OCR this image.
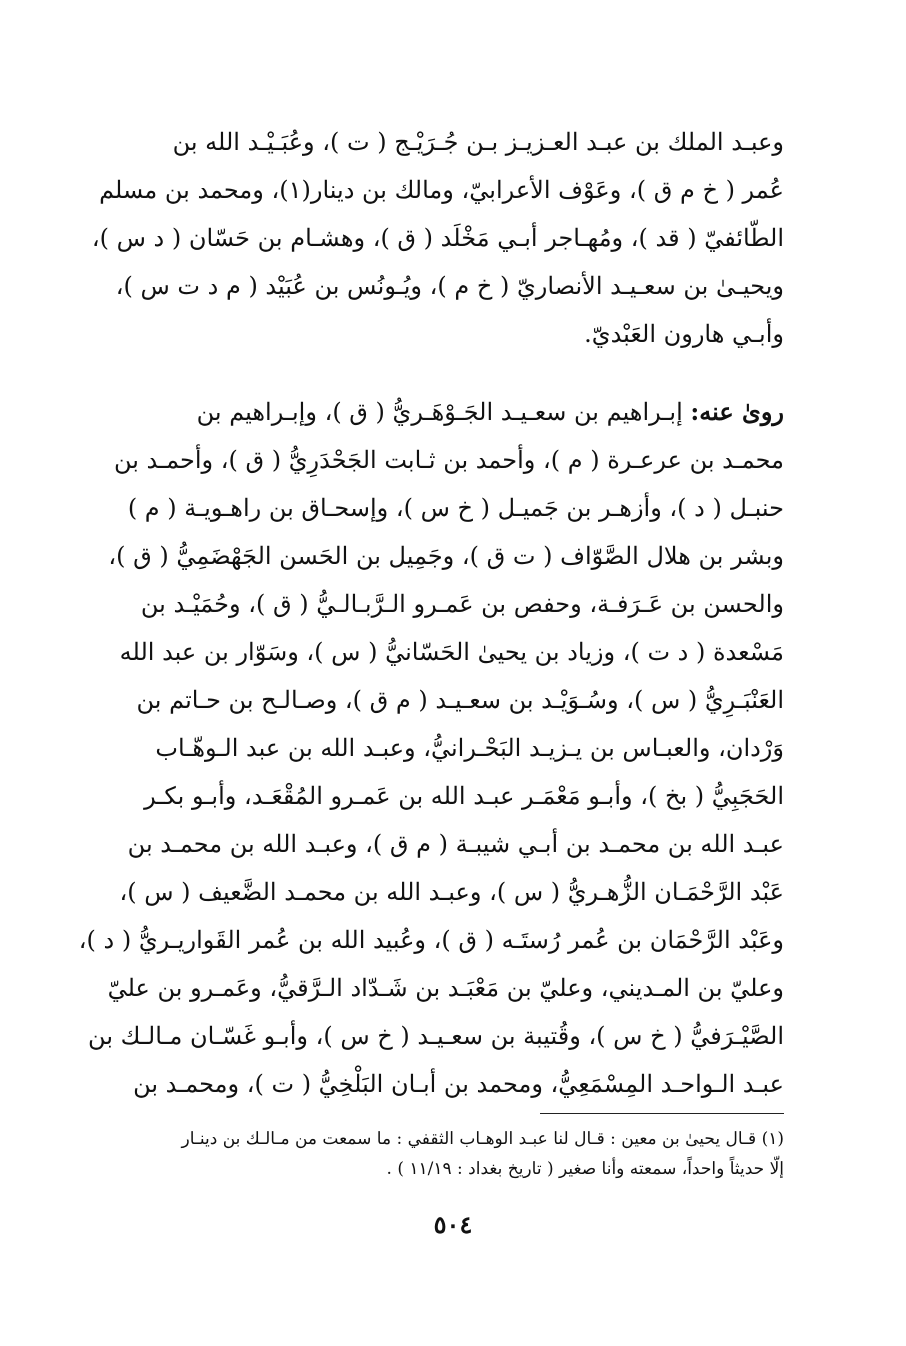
وعبـد الملك بن عبـد العـزيـز بـن جُـرَيْـج ( ت )، وعُبَـيْـد الله بن
عُمر ( خ م ق )، وعَوْف الأعرابيّ، ومالك بن دينار(١)، ومحمد بن مسلم
الطّائفيّ ( قد )، ومُهـاجر أبـي مَخْلَد ( ق )، وهشـام بن حَسّان ( د س )،
ويحيـىٰ بن سعـيـد الأنصاريّ ( خ م )، ويُـونُس بن عُبَيْد ( م د ت س )،
وأبـي هارون العَبْديّ.
روىٰ عنه: إبـراهيم بن سعـيـد الجَـوْهَـريُّ ( ق )، وإبـراهيم بن
محمـد بن عرعـرة ( م )، وأحمد بن ثـابت الجَحْدَرِيُّ ( ق )، وأحمـد بن
حنبـل ( د )، وأزهـر بن جَميـل ( خ س )، وإسحـاق بن راهـويـة ( م )
وبشر بن هلال الصَّوّاف ( ت ق )، وجَمِيل بن الحَسن الجَهْضَمِيُّ ( ق )،
والحسن بن عَـرَفـة، وحفص بن عَمـرو الـرَّبـالـيُّ ( ق )، وحُمَيْـد بن
مَسْعدة ( د ت )، وزياد بن يحيىٰ الحَسّانيُّ ( س )، وسَوّار بن عبد الله
العَنْبَـرِيُّ ( س )، وسُـوَيْـد بن سعـيـد ( م ق )، وصـالـح بن حـاتم بن
وَرْدان، والعبـاس بن يـزيـد البَحْـرانيُّ، وعبـد الله بن عبد الـوهّـاب
الحَجَبِيُّ ( بخ )، وأبـو مَعْمَـر عبـد الله بن عَمـرو المُقْعَـد، وأبـو بكـر
عبـد الله بن محمـد بن أبـي شيبـة ( م ق )، وعبـد الله بن محمـد بن
عَبْد الرَّحْمَـان الزُّهـريُّ ( س )، وعبـد الله بن محمـد الضَّعيف ( س )،
وعَبْد الرَّحْمَان بن عُمر رُستَـه ( ق )، وعُبيد الله بن عُمر القَواريـريُّ ( د )،
وعليّ بن المـديني، وعليّ بن مَعْبَـد بن شَـدّاد الـرَّقيُّ، وعَمـرو بن عليّ
الصَّيْـرَفيُّ ( خ س )، وقُتيبة بن سعـيـد ( خ س )، وأبـو غَسّـان مـالـك بن
عبـد الـواحـد المِسْمَعِيُّ، ومحمد بن أبـان البَلْخِيُّ ( ت )، ومحمـد بن
(١) قـال يحيىٰ بن معين : قـال لنا عبـد الوهـاب الثقفي : ما سمعت من مـالـك بن دينـار
إلّا حديثاً واحداً، سمعته وأنا صغير ( تاريخ بغداد : ١١/١٩ ) .
٥٠٤
